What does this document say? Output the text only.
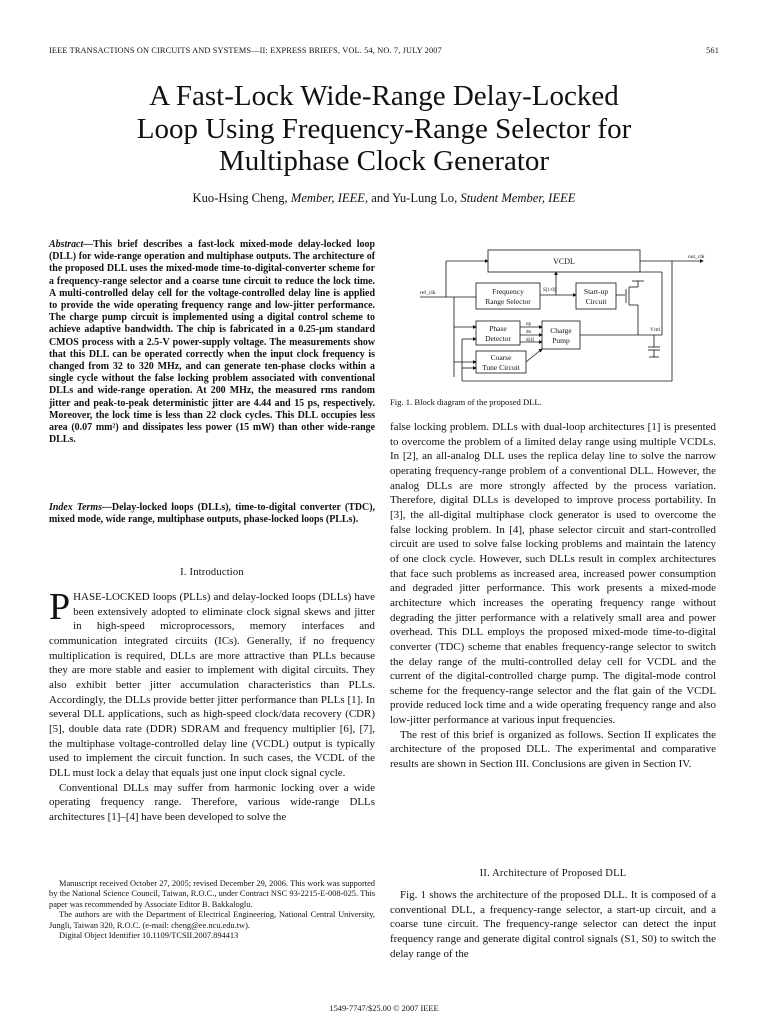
IEEE TRANSACTIONS ON CIRCUITS AND SYSTEMS—II: EXPRESS BRIEFS, VOL. 54, NO. 7, JULY 2007	561
A Fast-Lock Wide-Range Delay-Locked
Loop Using Frequency-Range Selector for
Multiphase Clock Generator
Kuo-Hsing Cheng, Member, IEEE, and Yu-Lung Lo, Student Member, IEEE
Abstract—This brief describes a fast-lock mixed-mode delay-locked loop (DLL) for wide-range operation and multiphase outputs. The architecture of the proposed DLL uses the mixed-mode time-to-digital-converter scheme for a frequency-range selector and a coarse tune circuit to reduce the lock time. A multi-controlled delay cell for the voltage-controlled delay line is applied to provide the wide operating frequency range and low-jitter performance. The charge pump circuit is implemented using a digital control scheme to achieve adaptive bandwidth. The chip is fabricated in a 0.25-μm standard CMOS process with a 2.5-V power-supply voltage. The measurements show that this DLL can be operated correctly when the input clock frequency is changed from 32 to 320 MHz, and can generate ten-phase clocks within a single cycle without the false locking problem associated with conventional DLLs and wide-range operation. At 200 MHz, the measured rms random jitter and peak-to-peak deterministic jitter are 4.44 and 15 ps, respectively. Moreover, the lock time is less than 22 clock cycles. This DLL occupies less area (0.07 mm²) and dissipates less power (15 mW) than other wide-range DLLs.
Index Terms—Delay-locked loops (DLLs), time-to-digital converter (TDC), mixed mode, wide range, multiphase outputs, phase-locked loops (PLLs).
I. Introduction

PHASE-LOCKED loops (PLLs) and delay-locked loops (DLLs) have been extensively adopted to eliminate clock signal skews and jitter in high-speed microprocessors, memory interfaces and communication integrated circuits (ICs). Generally, if no frequency multiplication is required, DLLs are more attractive than PLLs because they are more stable and easier to implement with digital circuits. They also exhibit better jitter accumulation characteristics than PLLs. Accordingly, the DLLs provide better jitter performance than PLLs [1]. In several DLL applications, such as high-speed clock/data recovery (CDR) [5], double data rate (DDR) SDRAM and frequency multiplier [6], [7], the multiphase voltage-controlled delay line (VCDL) output is typically used to implement the circuit function. In such cases, the VCDL of the DLL must lock a delay that equals just one input clock signal cycle.

Conventional DLLs may suffer from harmonic locking over a wide operating frequency range. Therefore, various wide-range DLLs architectures [1]–[4] have been developed to solve the

Manuscript received October 27, 2005; revised December 29, 2006. This work was supported by the National Science Council, Taiwan, R.O.C., under Contract NSC 93-2215-E-008-025. This paper was recommended by Associate Editor B. Bakkaloglu.

The authors are with the Department of Electrical Engineering, National Central University, Jungli, Taiwan 320, R.O.C. (e-mail: cheng@ee.ncu.edu.tw).

Digital Object Identifier 10.1109/TCSII.2007.894413

VCDL	out_clk
ref_clk	Frequency
Range Selector
S[1:0]	Start-up
Circuit
Phase
Detector
up
dn
d[4]
Charge
Pump
Vctrl
Coarse
Tune Circuit
Fig. 1. Block diagram of the proposed DLL.

false locking problem. DLLs with dual-loop architectures [1] is presented to overcome the problem of a limited delay range using multiple VCDLs. In [2], an all-analog DLL uses the replica delay line to solve the narrow operating frequency-range problem of a conventional DLL. However, the analog DLLs are more strongly affected by the process variation. Therefore, digital DLLs is developed to improve process portability. In [3], the all-digital multiphase clock generator is used to overcome the false locking problem. In [4], phase selector circuit and start-controlled circuit are used to solve false locking problems and maintain the latency of one clock cycle. However, such DLLs result in complex architectures that face such problems as increased area, increased power consumption and degraded jitter performance. This work presents a mixed-mode architecture which increases the operating frequency range without degrading the jitter performance with a relatively small area and power overhead. This DLL employs the proposed mixed-mode time-to-digital converter (TDC) scheme that enables frequency-range selector to switch the delay range of the multi-controlled delay cell for VCDL and the current of the digital-controlled charge pump. The digital-mode control scheme for the frequency-range selector and the flat gain of the VCDL provide reduced lock time and a wide operating frequency range and also low-jitter performance at various input frequencies.

The rest of this brief is organized as follows. Section II explicates the architecture of the proposed DLL. The experimental and comparative results are shown in Section III. Conclusions are given in Section IV.

II. Architecture of Proposed DLL

Fig. 1 shows the architecture of the proposed DLL. It is composed of a conventional DLL, a frequency-range selector, a start-up circuit, and a coarse tune circuit. The frequency-range selector can detect the input frequency range and generate digital control signals (S1, S0) to switch the delay range of the

1549-7747/$25.00 © 2007 IEEE
